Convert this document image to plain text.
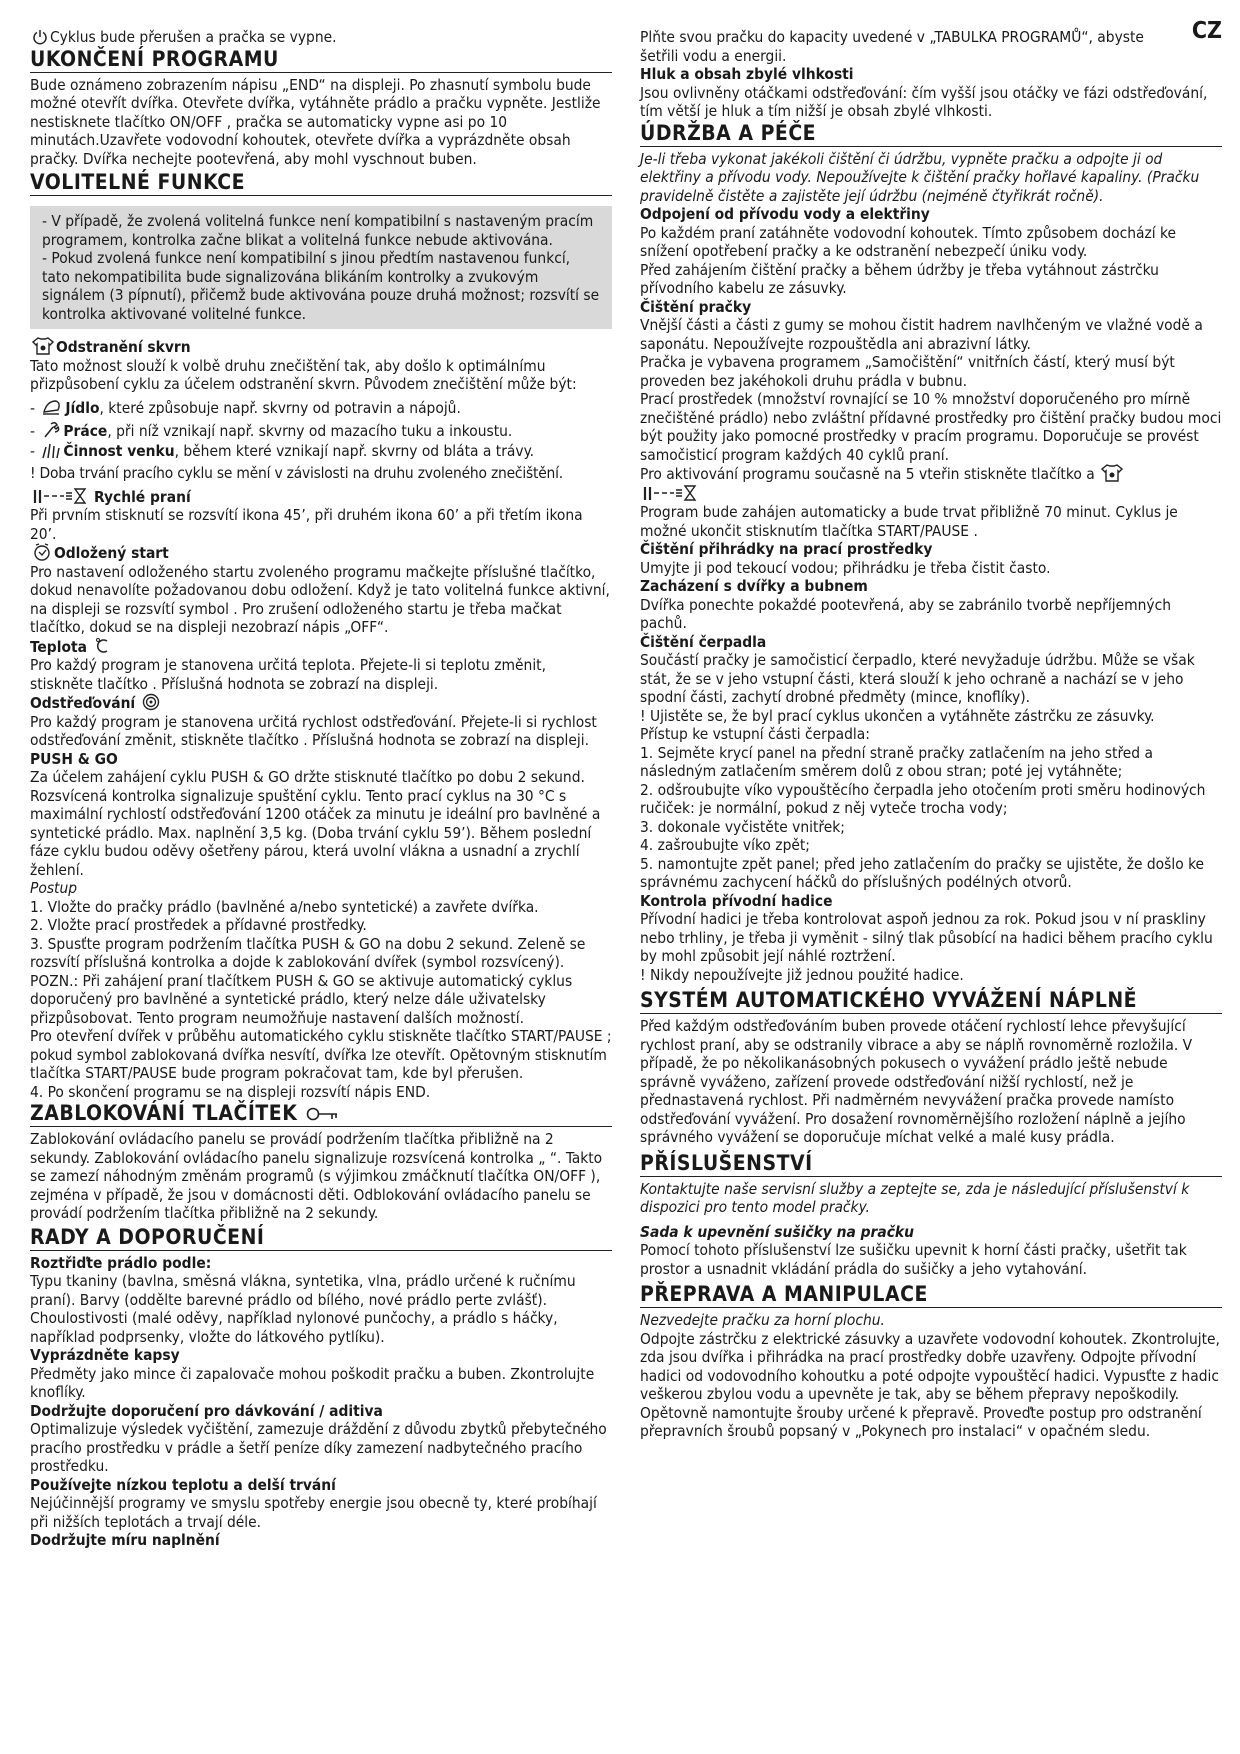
CZ

Cyklus bude přerušen a pračka se vypne.

UKONČENÍ PROGRAMU

Bude oznámeno zobrazením nápisu „END“ na displeji. Po zhasnutí symbolu bude možné otevřít dvířka. Otevřete dvířka, vytáhněte prádlo a pračku vypněte. Jestliže nestisknete tlačítko ON/OFF , pračka se automaticky vypne asi po 10 minutách.Uzavřete vodovodní kohoutek, otevřete dvířka a vyprázdněte obsah pračky. Dvířka nechejte pootevřená, aby mohl vyschnout buben.

VOLITELNÉ FUNKCE

- V případě, že zvolená volitelná funkce není kompatibilní s nastaveným pracím programem, kontrolka začne blikat a volitelná funkce nebude aktivována.

- Pokud zvolená funkce není kompatibilní s jinou předtím nastavenou funkcí, tato nekompatibilita bude signalizována blikáním kontrolky a zvukovým signálem (3 pípnutí), přičemž bude aktivována pouze druhá možnost; rozsvítí se kontrolka aktivované volitelné funkce.

Odstranění skvrn

Tato možnost slouží k volbě druhu znečištění tak, aby došlo k optimálnímu přizpůsobení cyklu za účelem odstranění skvrn. Původem znečištění může být:

- Jídlo, které způsobuje např. skvrny od potravin a nápojů.

- Práce, při níž vznikají např. skvrny od mazacího tuku a inkoustu.

- Činnost venku, během které vznikají např. skvrny od bláta a trávy.

! Doba trvání pracího cyklu se mění v závislosti na druhu zvoleného znečištění.

Rychlé praní

Při prvním stisknutí se rozsvítí ikona 45’, při druhém ikona 60’ a při třetím ikona 20’.

Odložený start

Pro nastavení odloženého startu zvoleného programu mačkejte příslušné tlačítko, dokud nenavolíte požadovanou dobu odložení. Když je tato volitelná funkce aktivní, na displeji se rozsvítí symbol . Pro zrušení odloženého startu je třeba mačkat tlačítko, dokud se na displeji nezobrazí nápis „OFF“.

Teplota

Pro každý program je stanovena určitá teplota. Přejete-li si teplotu změnit, stiskněte tlačítko . Příslušná hodnota se zobrazí na displeji.

Odstřeďování

Pro každý program je stanovena určitá rychlost odstřeďování. Přejete-li si rychlost odstřeďování změnit, stiskněte tlačítko . Příslušná hodnota se zobrazí na displeji.

PUSH & GO

Za účelem zahájení cyklu PUSH & GO držte stisknuté tlačítko po dobu 2 sekund. Rozsvícená kontrolka signalizuje spuštění cyklu. Tento prací cyklus na 30 °C s maximální rychlostí odstřeďování 1200 otáček za minutu je ideální pro bavlněné a syntetické prádlo. Max. naplnění 3,5 kg. (Doba trvání cyklu 59’). Během poslední fáze cyklu budou oděvy ošetřeny párou, která uvolní vlákna a usnadní a zrychlí žehlení.

Postup

1. Vložte do pračky prádlo (bavlněné a/nebo syntetické) a zavřete dvířka.

2. Vložte prací prostředek a přídavné prostředky.

3. Spusťte program podržením tlačítka PUSH & GO na dobu 2 sekund. Zeleně se rozsvítí příslušná kontrolka a dojde k zablokování dvířek (symbol rozsvícený).

POZN.: Při zahájení praní tlačítkem PUSH & GO se aktivuje automatický cyklus doporučený pro bavlněné a syntetické prádlo, který nelze dále uživatelsky přizpůsobovat. Tento program neumožňuje nastavení dalších možností.

Pro otevření dvířek v průběhu automatického cyklu stiskněte tlačítko START/PAUSE ; pokud symbol zablokovaná dvířka nesvítí, dvířka lze otevřít. Opětovným stisknutím tlačítka START/PAUSE bude program pokračovat tam, kde byl přerušen.

4. Po skončení programu se na displeji rozsvítí nápis END.

ZABLOKOVÁNÍ TLAČÍTEK

Zablokování ovládacího panelu se provádí podržením tlačítka přibližně na 2 sekundy. Zablokování ovládacího panelu signalizuje rozsvícená kontrolka „ “. Takto se zamezí náhodným změnám programů (s výjimkou zmáčknutí tlačítka ON/OFF ), zejména v případě, že jsou v domácnosti děti. Odblokování ovládacího panelu se provádí podržením tlačítka přibližně na 2 sekundy.

RADY A DOPORUČENÍ
Roztřiďte prádlo podle:

Typu tkaniny (bavlna, směsná vlákna, syntetika, vlna, prádlo určené k ručnímu praní). Barvy (oddělte barevné prádlo od bílého, nové prádlo perte zvlášť). Choulostivosti (malé oděvy, například nylonové punčochy, a prádlo s háčky, například podprsenky, vložte do látkového pytlíku).

Vyprázdněte kapsy

Předměty jako mince či zapalovače mohou poškodit pračku a buben. Zkontrolujte knoflíky.

Dodržujte doporučení pro dávkování / aditiva

Optimalizuje výsledek vyčištění, zamezuje dráždění z důvodu zbytků přebytečného pracího prostředku v prádle a šetří peníze díky zamezení nadbytečného pracího prostředku.

Používejte nízkou teplotu a delší trvání

Nejúčinnější programy ve smyslu spotřeby energie jsou obecně ty, které probíhají při nižších teplotách a trvají déle.

Dodržujte míru naplnění

Plňte svou pračku do kapacity uvedené v „TABULKA PROGRAMŮ“, abyste šetřili vodu a energii.

Hluk a obsah zbylé vlhkosti

Jsou ovlivněny otáčkami odstřeďování: čím vyšší jsou otáčky ve fázi odstřeďování, tím větší je hluk a tím nižší je obsah zbylé vlhkosti.

ÚDRŽBA A PÉČE

Je-li třeba vykonat jakékoli čištění či údržbu, vypněte pračku a odpojte ji od elektřiny a přívodu vody. Nepoužívejte k čištění pračky hořlavé kapaliny. (Pračku pravidelně čistěte a zajistěte její údržbu (nejméně čtyřikrát ročně).

Odpojení od přívodu vody a elektřiny

Po každém praní zatáhněte vodovodní kohoutek. Tímto způsobem dochází ke snížení opotřebení pračky a ke odstranění nebezpečí úniku vody.

Před zahájením čištění pračky a během údržby je třeba vytáhnout zástrčku přívodního kabelu ze zásuvky.

Čištění pračky

Vnější části a části z gumy se mohou čistit hadrem navlhčeným ve vlažné vodě a saponátu. Nepoužívejte rozpouštědla ani abrazivní látky.

Pračka je vybavena programem „Samočištění“ vnitřních částí, který musí být proveden bez jakéhokoli druhu prádla v bubnu.

Prací prostředek (množství rovnající se 10 % množství doporučeného pro mírně znečištěné prádlo) nebo zvláštní přídavné prostředky pro čištění pračky budou moci být použity jako pomocné prostředky v pracím programu. Doporučuje se provést samočisticí program každých 40 cyklů praní.

Pro aktivování programu současně na 5 vteřin stiskněte tlačítko a

Program bude zahájen automaticky a bude trvat přibližně 70 minut. Cyklus je možné ukončit stisknutím tlačítka START/PAUSE .

Čištění přihrádky na prací prostředky

Umyjte ji pod tekoucí vodou; přihrádku je třeba čistit často.

Zacházení s dvířky a bubnem

Dvířka ponechte pokaždé pootevřená, aby se zabránilo tvorbě nepříjemných pachů.

Čištění čerpadla

Součástí pračky je samočisticí čerpadlo, které nevyžaduje údržbu. Může se však stát, že se v jeho vstupní části, která slouží k jeho ochraně a nachází se v jeho spodní části, zachytí drobné předměty (mince, knoflíky).

! Ujistěte se, že byl prací cyklus ukončen a vytáhněte zástrčku ze zásuvky.

Přístup ke vstupní části čerpadla:

1. Sejměte krycí panel na přední straně pračky zatlačením na jeho střed a následným zatlačením směrem dolů z obou stran; poté jej vytáhněte;

2. odšroubujte víko vypouštěcího čerpadla jeho otočením proti směru hodinových ručiček: je normální, pokud z něj vyteče trocha vody;

3. dokonale vyčistěte vnitřek;

4. zašroubujte víko zpět;

5. namontujte zpět panel; před jeho zatlačením do pračky se ujistěte, že došlo ke správnému zachycení háčků do příslušných podélných otvorů.

Kontrola přívodní hadice

Přívodní hadici je třeba kontrolovat aspoň jednou za rok. Pokud jsou v ní praskliny nebo trhliny, je třeba ji vyměnit - silný tlak působící na hadici během pracího cyklu by mohl způsobit její náhlé roztržení.

! Nikdy nepoužívejte již jednou použité hadice.

SYSTÉM AUTOMATICKÉHO VYVÁŽENÍ NÁPLNĚ

Před každým odstřeďováním buben provede otáčení rychlostí lehce převyšující rychlost praní, aby se odstranily vibrace a aby se náplň rovnoměrně rozložila. V případě, že po několikanásobných pokusech o vyvážení prádlo ještě nebude správně vyváženo, zařízení provede odstřeďování nižší rychlostí, než je přednastavená rychlost. Při nadměrném nevyvážení pračka provede namísto odstřeďování vyvážení. Pro dosažení rovnoměrnějšího rozložení náplně a jejího správného vyvážení se doporučuje míchat velké a malé kusy prádla.

PŘÍSLUŠENSTVÍ

Kontaktujte naše servisní služby a zeptejte se, zda je následující příslušenství k dispozici pro tento model pračky.

Sada k upevnění sušičky na pračku

Pomocí tohoto příslušenství lze sušičku upevnit k horní části pračky, ušetřit tak prostor a usnadnit vkládání prádla do sušičky a jeho vytahování.

PŘEPRAVA A MANIPULACE

Nezvedejte pračku za horní plochu.

Odpojte zástrčku z elektrické zásuvky a uzavřete vodovodní kohoutek. Zkontrolujte, zda jsou dvířka i přihrádka na prací prostředky dobře uzavřeny. Odpojte přívodní hadici od vodovodního kohoutku a poté odpojte vypouštěcí hadici. Vypusťte z hadic veškerou zbylou vodu a upevněte je tak, aby se během přepravy nepoškodily. Opětovně namontujte šrouby určené k přepravě. Proveďte postup pro odstranění přepravních šroubů popsaný v „Pokynech pro instalaci“ v opačném sledu.
